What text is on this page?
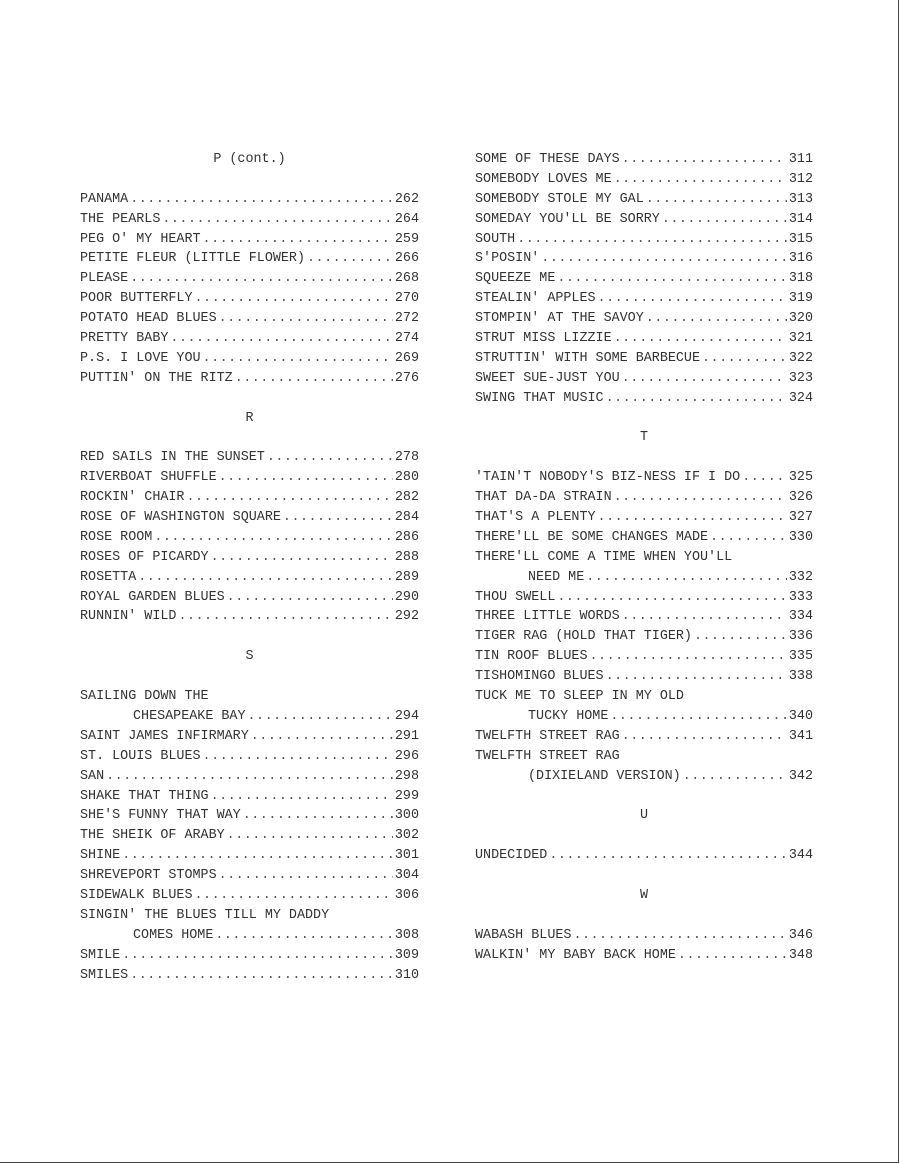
P (cont.)
PANAMA .....	262
THE PEARLS .....	264
PEG O' MY HEART .....	259
PETITE FLEUR (LITTLE FLOWER) .....	266
PLEASE .....	268
POOR BUTTERFLY .....	270
POTATO HEAD BLUES .....	272
PRETTY BABY .....	274
P.S. I LOVE YOU .....	269
PUTTIN' ON THE RITZ .....	276
R
RED SAILS IN THE SUNSET .....	278
RIVERBOAT SHUFFLE .....	280
ROCKIN' CHAIR .....	282
ROSE OF WASHINGTON SQUARE .....	284
ROSE ROOM .....	286
ROSES OF PICARDY .....	288
ROSETTA .....	289
ROYAL GARDEN BLUES .....	290
RUNNIN' WILD .....	292
S
SAILING DOWN THE
CHESAPEAKE BAY .....	294
SAINT JAMES INFIRMARY .....	291
ST. LOUIS BLUES .....	296
SAN .....	298
SHAKE THAT THING .....	299
SHE'S FUNNY THAT WAY .....	300
THE SHEIK OF ARABY .....	302
SHINE .....	301
SHREVEPORT STOMPS .....	304
SIDEWALK BLUES .....	306
SINGIN' THE BLUES TILL MY DADDY
COMES HOME .....	308
SMILE .....	309
SMILES .....	310
SOME OF THESE DAYS .....	311
SOMEBODY LOVES ME .....	312
SOMEBODY STOLE MY GAL .....	313
SOMEDAY YOU'LL BE SORRY .....	314
SOUTH .....	315
S'POSIN' .....	316
SQUEEZE ME .....	318
STEALIN' APPLES .....	319
STOMPIN' AT THE SAVOY .....	320
STRUT MISS LIZZIE .....	321
STRUTTIN' WITH SOME BARBECUE .....	322
SWEET SUE-JUST YOU .....	323
SWING THAT MUSIC .....	324
T
'TAIN'T NOBODY'S BIZ-NESS IF I DO .....	325
THAT DA-DA STRAIN .....	326
THAT'S A PLENTY .....	327
THERE'LL BE SOME CHANGES MADE .....	330
THERE'LL COME A TIME WHEN YOU'LL
NEED ME .....	332
THOU SWELL .....	333
THREE LITTLE WORDS .....	334
TIGER RAG (HOLD THAT TIGER) .....	336
TIN ROOF BLUES .....	335
TISHOMINGO BLUES .....	338
TUCK ME TO SLEEP IN MY OLD
TUCKY HOME .....	340
TWELFTH STREET RAG .....	341
TWELFTH STREET RAG
(DIXIELAND VERSION) .....	342
U
UNDECIDED .....	344
W
WABASH BLUES .....	346
WALKIN' MY BABY BACK HOME .....	348
